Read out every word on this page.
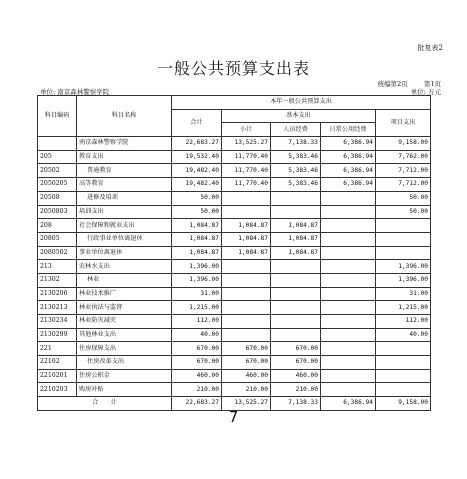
批复表2
一般公共预算支出表
统编第2页 第1页
单位: 南京森林警察学院	单位: 万元
科目编码	科目名称	本年一般公共预算支出				
		合计	基本支出			项目支出
			小计	人员经费	日常公用经费	
	南京森林警察学院	22,683.27	13,525.27	7,138.33	6,386.94	9,158.00
205	教育支出	19,532.40	11,770.40	5,383.46	6,386.94	7,762.00
20502	普通教育	19,482.40	11,770.40	5,383.46	6,386.94	7,712.00
2050205	高等教育	19,482.40	11,770.40	5,383.46	6,386.94	7,712.00
20508	进修及培训	50.00				50.00
2050803	培训支出	50.00				50.00
208	社会保障和就业支出	1,084.87	1,084.87	1,084.87		
20805	行政事业单位离退休	1,084.87	1,084.87	1,084.87		
2080502	事业单位离退休	1,084.87	1,084.87	1,084.87		
213	农林水支出	1,396.00				1,396.00
21302	林业	1,396.00				1,396.00
2130206	林业技术推广	31.00				31.00
2130213	林业执法与监督	1,215.00				1,215.00
2130234	林业防灾减灾	112.00				112.00
2130299	其他林业支出	40.00				40.00
221	住房保障支出	670.00	670.00	670.00		
22102	住房改革支出	670.00	670.00	670.00		
2210201	住房公积金	460.00	460.00	460.00		
2210203	购房补贴	210.00	210.00	210.00		
合　　计		22,683.27	13,525.27	7,138.33	6,386.94	9,158.00
7
